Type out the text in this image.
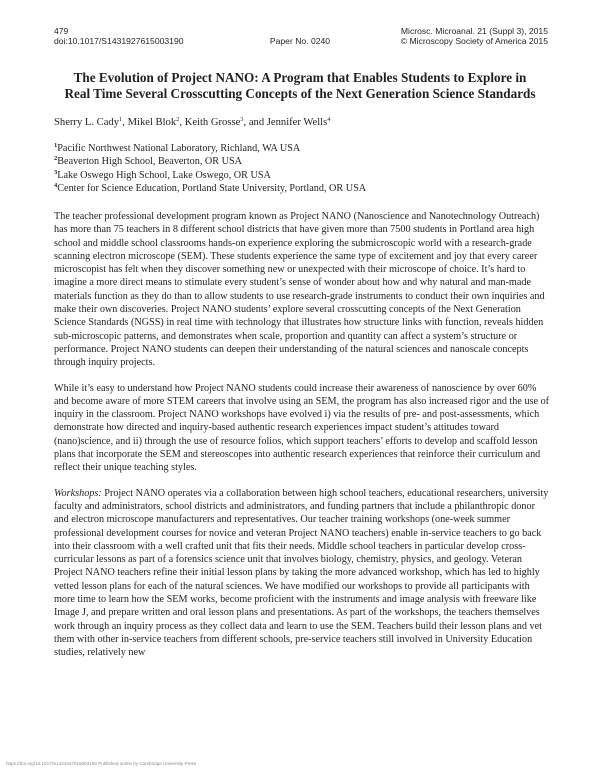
479
doi:10.1017/S1431927615003190	Paper No. 0240
Microsc. Microanal. 21 (Suppl 3), 2015
© Microscopy Society of America 2015
The Evolution of Project NANO: A Program that Enables Students to Explore in
Real Time Several Crosscutting Concepts of the Next Generation Science Standards
Sherry L. Cady$^1$, Mikel Blok$^2$, Keith Grosse$^3$, and Jennifer Wells$^4$
$^1$Pacific Northwest National Laboratory, Richland, WA USA
$^2$Beaverton High School, Beaverton, OR USA
$^3$Lake Oswego High School, Lake Oswego, OR USA
$^4$Center for Science Education, Portland State University, Portland, OR USA

The teacher professional development program known as Project NANO (Nanoscience and Nanotechnology Outreach) has more than 75 teachers in 8 different school districts that have given more than 7500 students in Portland area high school and middle school classrooms hands-on experience exploring the submicroscopic world with a research-grade scanning electron microscope (SEM). These students experience the same type of excitement and joy that every career microscopist has felt when they discover something new or unexpected with their microscope of choice. It’s hard to imagine a more direct means to stimulate every student’s sense of wonder about how and why natural and man-made materials function as they do than to allow students to use research-grade instruments to conduct their own inquiries and make their own discoveries. Project NANO students’ explore several crosscutting concepts of the Next Generation Science Standards (NGSS) in real time with technology that illustrates how structure links with function, reveals hidden sub-microscopic patterns, and demonstrates when scale, proportion and quantity can affect a system’s structure or performance. Project NANO students can deepen their understanding of the natural sciences and nanoscale concepts through inquiry projects.

While it’s easy to understand how Project NANO students could increase their awareness of nanoscience by over 60% and become aware of more STEM careers that involve using an SEM, the program has also increased rigor and the use of inquiry in the classroom. Project NANO workshops have evolved i) via the results of pre- and post-assessments, which demonstrate how directed and inquiry-based authentic research experiences impact student’s attitudes toward (nano)science, and ii) through the use of resource folios, which support teachers’ efforts to develop and scaffold lesson plans that incorporate the SEM and stereoscopes into authentic research experiences that reinforce their curriculum and reflect their unique teaching styles.

Workshops: Project NANO operates via a collaboration between high school teachers, educational researchers, university faculty and administrators, school districts and administrators, and funding partners that include a philanthropic donor and electron microscope manufacturers and representatives. Our teacher training workshops (one-week summer professional development courses for novice and veteran Project NANO teachers) enable in-service teachers to go back into their classroom with a well crafted unit that fits their needs. Middle school teachers in particular develop cross-curricular lessons as part of a forensics science unit that involves biology, chemistry, physics, and geology. Veteran Project NANO teachers refine their initial lesson plans by taking the more advanced workshop, which has led to highly vetted lesson plans for each of the natural sciences. We have modified our workshops to provide all participants with more time to learn how the SEM works, become proficient with the instruments and image analysis with freeware like Image J, and prepare written and oral lesson plans and presentations. As part of the workshops, the teachers themselves work through an inquiry process as they collect data and learn to use the SEM. Teachers build their lesson plans and vet them with other in-service teachers from different schools, pre-service teachers still involved in University Education studies, relatively new

https://doi.org/10.1017/S1431927615003190 Published online by Cambridge University Press
